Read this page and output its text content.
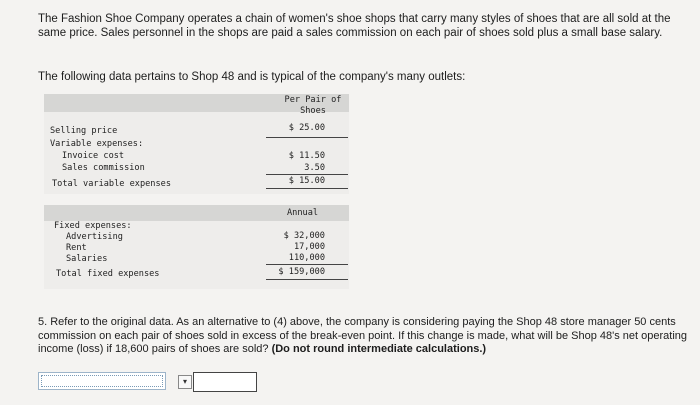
The Fashion Shoe Company operates a chain of women's shoe shops that carry many styles of shoes that are all sold at the same price. Sales personnel in the shops are paid a sales commission on each pair of shoes sold plus a small base salary.
The following data pertains to Shop 48 and is typical of the company's many outlets:
Per Pair of
Shoes
Selling price	$ 25.00
Variable expenses:
Invoice cost	$ 11.50
Sales commission	3.50
Total variable expenses	$ 15.00
Annual
Fixed expenses:
Advertising	$ 32,000
Rent	17,000
Salaries	110,000
Total fixed expenses	$ 159,000
5. Refer to the original data. As an alternative to (4) above, the company is considering paying the Shop 48 store manager 50 cents commission on each pair of shoes sold in excess of the break-even point. If this change is made, what will be Shop 48's net operating income (loss) if 18,600 pairs of shoes are sold? (Do not round intermediate calculations.)
▾
